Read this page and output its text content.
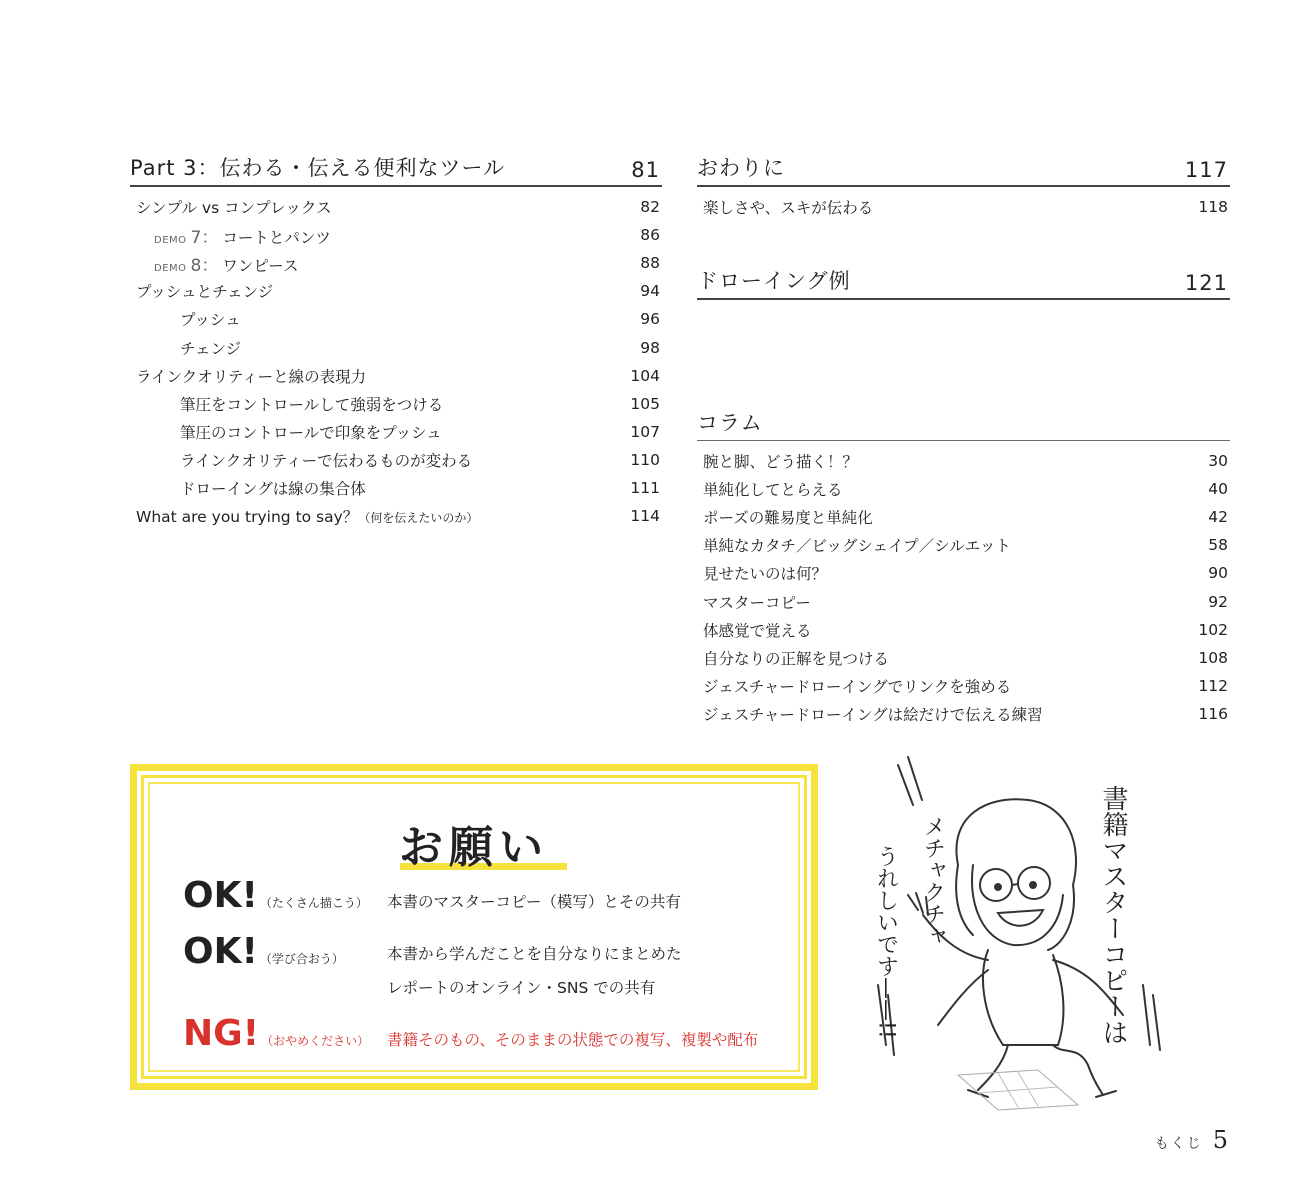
Part 3：伝わる・伝える便利なツール	81
シンプル vs コンプレックス	82
DEMO 7： コートとパンツ	86
DEMO 8： ワンピース	88
プッシュとチェンジ	94
プッシュ	96
チェンジ	98
ラインクオリティーと線の表現力	104
筆圧をコントロールして強弱をつける	105
筆圧のコントロールで印象をプッシュ	107
ラインクオリティーで伝わるものが変わる	110
ドローイングは線の集合体	111
What are you trying to say？（何を伝えたいのか）	114
おわりに	117
楽しさや、スキが伝わる	118
ドローイング例	121
コラム
腕と脚、どう描く！？	30
単純化してとらえる	40
ポーズの難易度と単純化	42
単純なカタチ／ビッグシェイプ／シルエット	58
見せたいのは何？	90
マスターコピー	92
体感覚で覚える	102
自分なりの正解を見つける	108
ジェスチャードローイングでリンクを強める	112
ジェスチャードローイングは絵だけで伝える練習	116
お願い
OK! （たくさん描こう） 本書のマスターコピー（模写）とその共有
OK! （学び合おう）	本書から学んだことを自分なりにまとめた
レポートのオンライン・SNS での共有
NG! （おやめください） 書籍そのもの、そのままの状態での複写、複製や配布	書籍マスターコピーは
メチャクチャ
うれしいです——!!
もくじ 5
